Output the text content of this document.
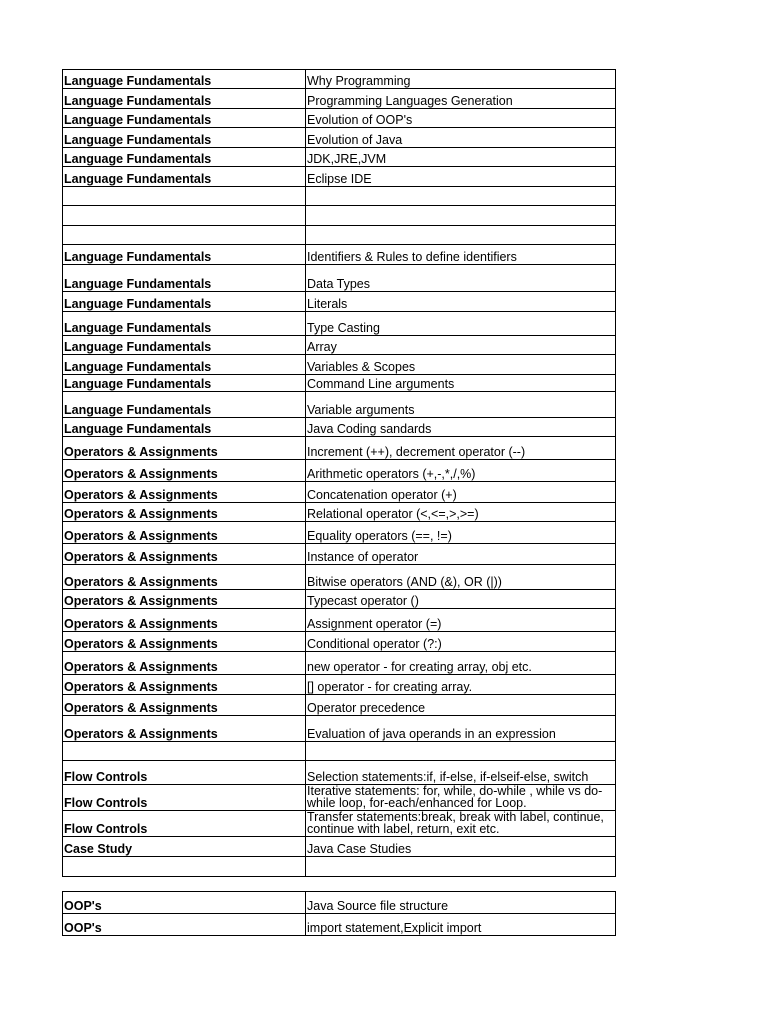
Language Fundamentals	Why Programming
Language Fundamentals	Programming Languages Generation
Language Fundamentals	Evolution of OOP's
Language Fundamentals	Evolution of Java
Language Fundamentals	JDK,JRE,JVM
Language Fundamentals	Eclipse IDE

Language Fundamentals	Identifiers & Rules to define identifiers
Language Fundamentals	Data Types
Language Fundamentals	Literals
Language Fundamentals	Type Casting
Language Fundamentals	Array
Language Fundamentals	Variables & Scopes
Language Fundamentals	Command Line arguments
Language Fundamentals	Variable arguments
Language Fundamentals	Java Coding sandards
Operators & Assignments	Increment (++), decrement operator (--)
Operators & Assignments	Arithmetic operators (+,-,*,/,%)
Operators & Assignments	Concatenation operator (+)
Operators & Assignments	Relational operator (<,<=,>,>=)
Operators & Assignments	Equality operators (==, !=)
Operators & Assignments	Instance of operator
Operators & Assignments	Bitwise operators (AND (&), OR (|))
Operators & Assignments	Typecast operator ()
Operators & Assignments	Assignment operator (=)
Operators & Assignments	Conditional operator (?:)
Operators & Assignments	new operator - for creating array, obj etc.
Operators & Assignments	[] operator - for creating array.
Operators & Assignments	Operator precedence
Operators & Assignments	Evaluation of java operands in an expression

Flow Controls	Selection statements:if, if-else, if-elseif-else, switch
Flow Controls	Iterative statements: for, while, do-while , while vs do-while loop, for-each/enhanced for Loop.
Flow Controls	Transfer statements:break, break with label, continue, continue with label, return, exit etc.
Case Study	Java Case Studies

OOP's	Java Source file structure
OOP's	import statement,Explicit import
